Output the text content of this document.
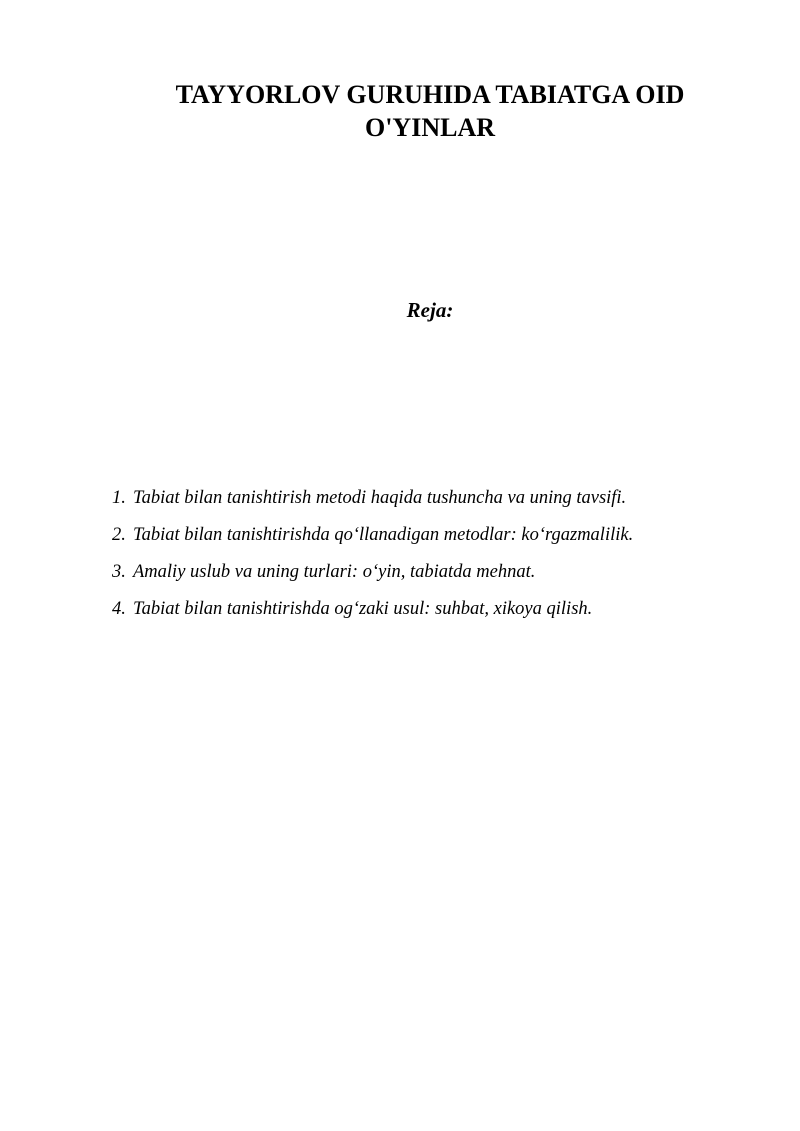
TAYYORLOV GURUHIDA TABIATGA OID
O'YINLAR
Reja:
1. Tabiat bilan tanishtirish metodi haqida tushuncha va uning tavsifi.
2. Tabiat bilan tanishtirishda qo‘llanadigan metodlar: ko‘rgazmalilik.
3. Amaliy uslub va uning turlari: o‘yin, tabiatda mehnat.
4. Tabiat bilan tanishtirishda og‘zaki usul: suhbat, xikoya qilish.
